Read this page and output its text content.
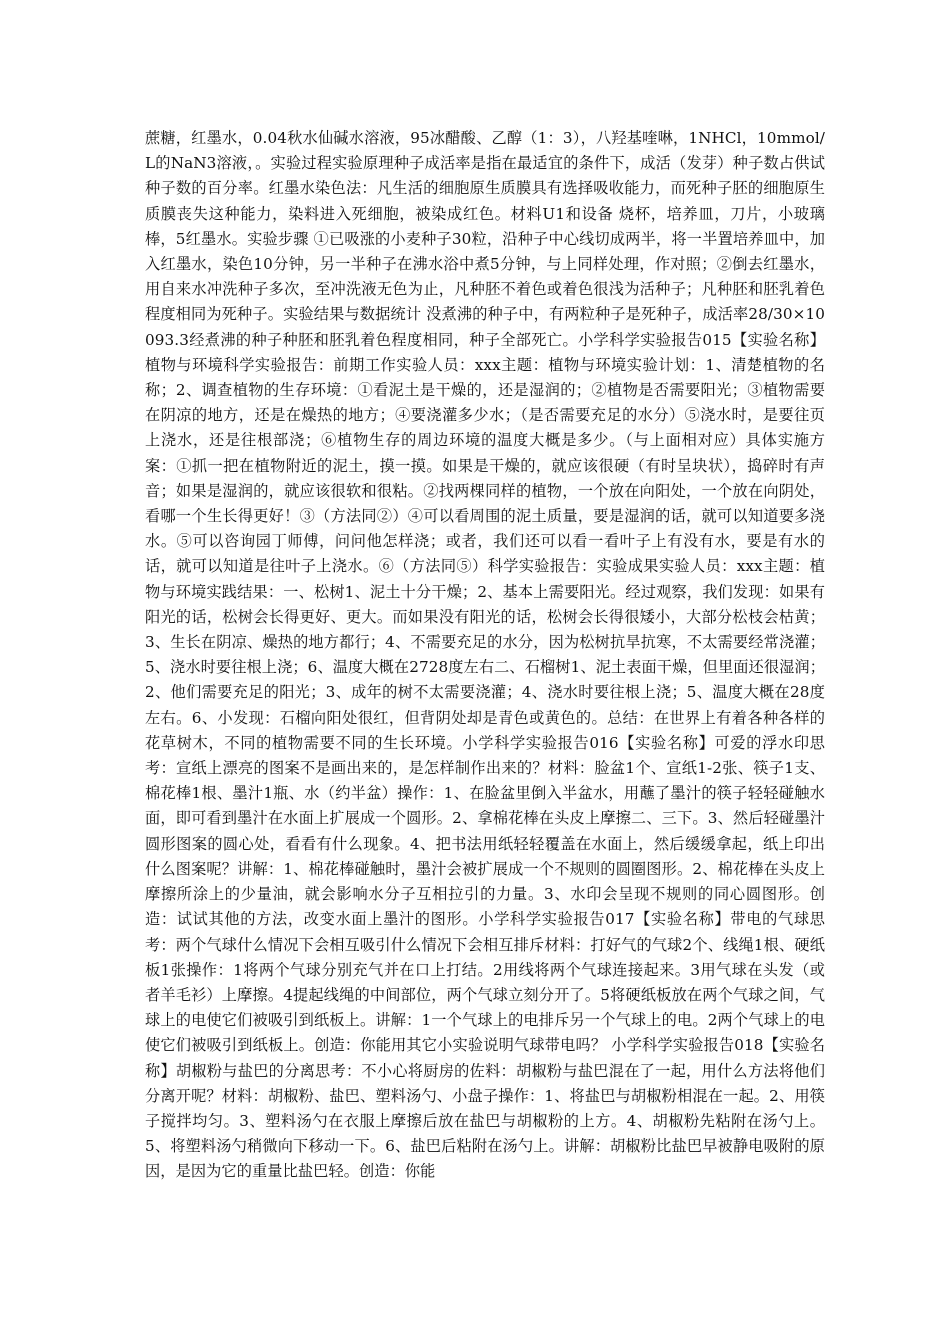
蔗糖，红墨水，0.04秋水仙碱水溶液，95冰醋酸、乙醇（1：3），八羟基喹啉，1NHCl，10mmol/L的NaN3溶液，。实验过程实验原理种子成活率是指在最适宜的条件下，成活（发芽）种子数占供试种子数的百分率。红墨水染色法：凡生活的细胞原生质膜具有选择吸收能力，而死种子胚的细胞原生质膜丧失这种能力，染料进入死细胞，被染成红色。材料U1和设备 烧杯，培养皿，刀片，小玻璃棒，5红墨水。实验步骤 ①已吸涨的小麦种子30粒，沿种子中心线切成两半，将一半置培养皿中，加入红墨水，染色10分钟，另一半种子在沸水浴中煮5分钟，与上同样处理，作对照；②倒去红墨水，用自来水冲洗种子多次，至冲洗液无色为止，凡种胚不着色或着色很浅为活种子；凡种胚和胚乳着色程度相同为死种子。实验结果与数据统计 没煮沸的种子中，有两粒种子是死种子，成活率28/30×10093.3经煮沸的种子种胚和胚乳着色程度相同，种子全部死亡。小学科学实验报告015【实验名称】植物与环境科学实验报告：前期工作实验人员：xxx主题：植物与环境实验计划：1、清楚植物的名称；2、调查植物的生存环境：①看泥土是干燥的，还是湿润的；②植物是否需要阳光；③植物需要在阴凉的地方，还是在燥热的地方；④要浇灌多少水；（是否需要充足的水分）⑤浇水时，是要往页上浇水，还是往根部浇；⑥植物生存的周边环境的温度大概是多少。（与上面相对应）具体实施方案：①抓一把在植物附近的泥土，摸一摸。如果是干燥的，就应该很硬（有时呈块状），捣碎时有声音；如果是湿润的，就应该很软和很粘。②找两棵同样的植物，一个放在向阳处，一个放在向阴处，看哪一个生长得更好！③（方法同②）④可以看周围的泥土质量，要是湿润的话，就可以知道要多浇水。⑤可以咨询园丁师傅，问问他怎样浇；或者，我们还可以看一看叶子上有没有水，要是有水的话，就可以知道是往叶子上浇水。⑥（方法同⑤）科学实验报告：实验成果实验人员：xxx主题：植物与环境实践结果：一、松树1、泥土十分干燥；2、基本上需要阳光。经过观察，我们发现：如果有阳光的话，松树会长得更好、更大。而如果没有阳光的话，松树会长得很矮小，大部分松枝会枯黄；3、生长在阴凉、燥热的地方都行；4、不需要充足的水分，因为松树抗旱抗寒，不太需要经常浇灌；5、浇水时要往根上浇；6、温度大概在2728度左右二、石榴树1、泥土表面干燥，但里面还很湿润；2、他们需要充足的阳光；3、成年的树不太需要浇灌；4、浇水时要往根上浇；5、温度大概在28度左右。6、小发现：石榴向阳处很红，但背阴处却是青色或黄色的。总结：在世界上有着各种各样的花草树木，不同的植物需要不同的生长环境。小学科学实验报告016【实验名称】可爱的浮水印思考：宣纸上漂亮的图案不是画出来的，是怎样制作出来的？材料：脸盆1个、宣纸1-2张、筷子1支、棉花棒1根、墨汁1瓶、水（约半盆）操作：1、在脸盆里倒入半盆水，用蘸了墨汁的筷子轻轻碰触水面，即可看到墨汁在水面上扩展成一个圆形。2、拿棉花棒在头皮上摩擦二、三下。3、然后轻碰墨汁圆形图案的圆心处，看看有什么现象。4、把书法用纸轻轻覆盖在水面上，然后缓缓拿起，纸上印出什么图案呢？讲解：1、棉花棒碰触时，墨汁会被扩展成一个不规则的圆圈图形。2、棉花棒在头皮上摩擦所涂上的少量油，就会影响水分子互相拉引的力量。3、水印会呈现不规则的同心圆图形。创造：试试其他的方法，改变水面上墨汁的图形。小学科学实验报告017【实验名称】带电的气球思考：两个气球什么情况下会相互吸引什么情况下会相互排斥材料：打好气的气球2个、线绳1根、硬纸板1张操作：1将两个气球分别充气并在口上打结。2用线将两个气球连接起来。3用气球在头发（或者羊毛衫）上摩擦。4提起线绳的中间部位，两个气球立刻分开了。5将硬纸板放在两个气球之间，气球上的电使它们被吸引到纸板上。讲解：1一个气球上的电排斥另一个气球上的电。2两个气球上的电使它们被吸引到纸板上。创造：你能用其它小实验说明气球带电吗？ 小学科学实验报告018【实验名称】胡椒粉与盐巴的分离思考：不小心将厨房的佐料：胡椒粉与盐巴混在了一起，用什么方法将他们分离开呢？材料：胡椒粉、盐巴、塑料汤勺、小盘子操作：1、将盐巴与胡椒粉相混在一起。2、用筷子搅拌均匀。3、塑料汤勺在衣服上摩擦后放在盐巴与胡椒粉的上方。4、胡椒粉先粘附在汤勺上。5、将塑料汤勺稍微向下移动一下。6、盐巴后粘附在汤勺上。讲解：胡椒粉比盐巴早被静电吸附的原因，是因为它的重量比盐巴轻。创造：你能
